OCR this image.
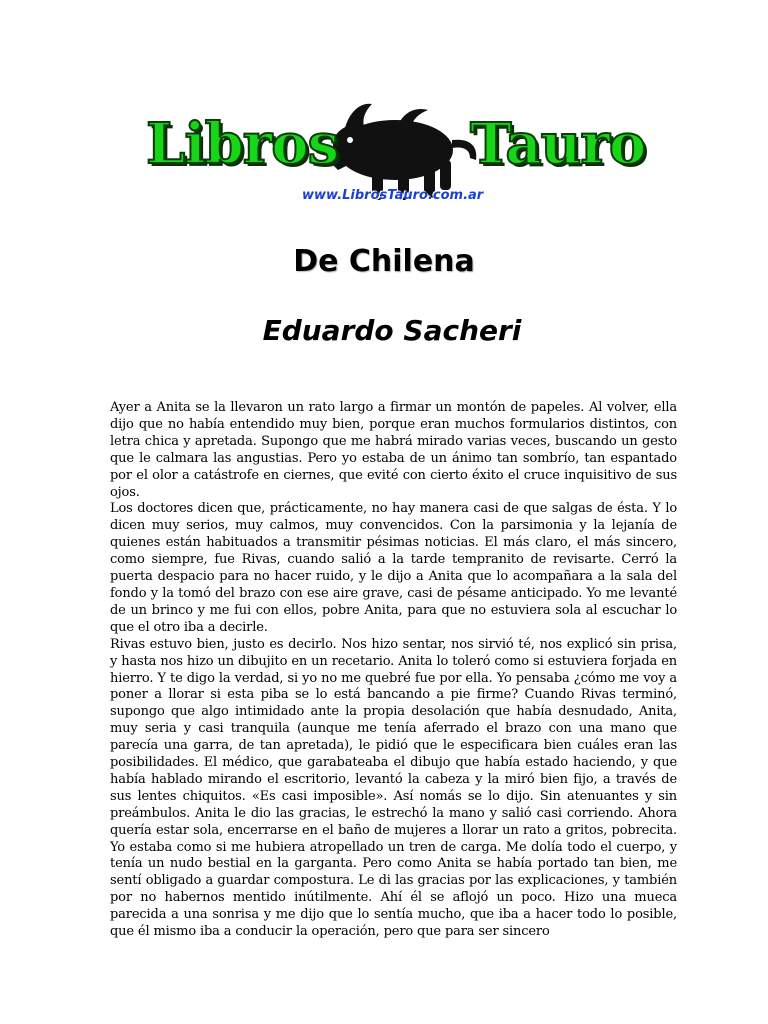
Libros Tauro
www.LibrosTauro.com.ar
De Chilena
Eduardo Sacheri

Ayer a Anita se la llevaron un rato largo a firmar un montón de papeles. Al volver, ella dijo que no había entendido muy bien, porque eran muchos formularios distintos, con letra chica y apretada. Supongo que me habrá mirado varias veces, buscando un gesto que le calmara las angustias. Pero yo estaba de un ánimo tan sombrío, tan espantado por el olor a catástrofe en ciernes, que evité con cierto éxito el cruce inquisitivo de sus ojos.

Los doctores dicen que, prácticamente, no hay manera casi de que salgas de ésta. Y lo dicen muy serios, muy calmos, muy convencidos. Con la parsimonia y la lejanía de quienes están habituados a transmitir pésimas noticias. El más claro, el más sincero, como siempre, fue Rivas, cuando salió a la tarde tempranito de revisarte. Cerró la puerta despacio para no hacer ruido, y le dijo a Anita que lo acompañara a la sala del fondo y la tomó del brazo con ese aire grave, casi de pésame anticipado. Yo me levanté de un brinco y me fui con ellos, pobre Anita, para que no estuviera sola al escuchar lo que el otro iba a decirle.

Rivas estuvo bien, justo es decirlo. Nos hizo sentar, nos sirvió té, nos explicó sin prisa, y hasta nos hizo un dibujito en un recetario. Anita lo toleró como si estuviera forjada en hierro. Y te digo la verdad, si yo no me quebré fue por ella. Yo pensaba ¿cómo me voy a poner a llorar si esta piba se lo está bancando a pie firme? Cuando Rivas terminó, supongo que algo intimidado ante la propia desolación que había desnudado, Anita, muy seria y casi tranquila (aunque me tenía aferrado el brazo con una mano que parecía una garra, de tan apretada), le pidió que le especificara bien cuáles eran las posibilidades. El médico, que garabateaba el dibujo que había estado haciendo, y que había hablado mirando el escritorio, levantó la cabeza y la miró bien fijo, a través de sus lentes chiquitos. «Es casi imposible». Así nomás se lo dijo. Sin atenuantes y sin preámbulos. Anita le dio las gracias, le estrechó la mano y salió casi corriendo. Ahora quería estar sola, encerrarse en el baño de mujeres a llorar un rato a gritos, pobrecita. Yo estaba como si me hubiera atropellado un tren de carga. Me dolía todo el cuerpo, y tenía un nudo bestial en la garganta. Pero como Anita se había portado tan bien, me sentí obligado a guardar compostura. Le di las gracias por las explicaciones, y también por no habernos mentido inútilmente. Ahí él se aflojó un poco. Hizo una mueca parecida a una sonrisa y me dijo que lo sentía mucho, que iba a hacer todo lo posible, que él mismo iba a conducir la operación, pero que para ser sincero
